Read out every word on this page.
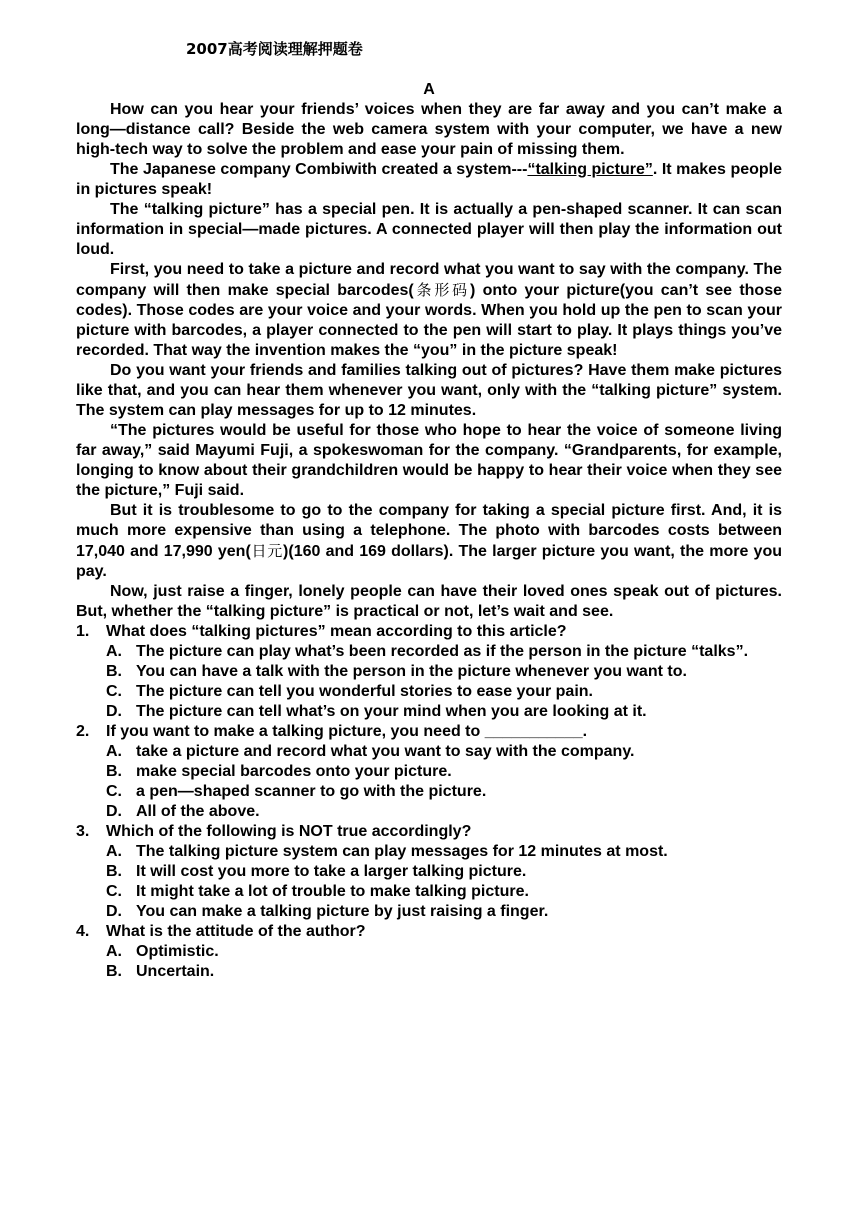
2007高考阅读理解押题卷
A

How can you hear your friends’ voices when they are far away and you can’t make a long—distance call? Beside the web camera system with your computer, we have a new high-tech way to solve the problem and ease your pain of missing them.

The Japanese company Combiwith created a system---“talking picture”. It makes people in pictures speak!

The “talking picture” has a special pen. It is actually a pen-shaped scanner. It can scan information in special—made pictures. A connected player will then play the information out loud.

First, you need to take a picture and record what you want to say with the company. The company will then make special barcodes(条形码) onto your picture(you can’t see those codes). Those codes are your voice and your words. When you hold up the pen to scan your picture with barcodes, a player connected to the pen will start to play. It plays things you’ve recorded. That way the invention makes the “you” in the picture speak!

Do you want your friends and families talking out of pictures? Have them make pictures like that, and you can hear them whenever you want, only with the “talking picture” system. The system can play messages for up to 12 minutes.

“The pictures would be useful for those who hope to hear the voice of someone living far away,” said Mayumi Fuji, a spokeswoman for the company. “Grandparents, for example, longing to know about their grandchildren would be happy to hear their voice when they see the picture,” Fuji said.

But it is troublesome to go to the company for taking a special picture first. And, it is much more expensive than using a telephone. The photo with barcodes costs between 17,040 and 17,990 yen(日元)(160 and 169 dollars). The larger picture you want, the more you pay.

Now, just raise a finger, lonely people can have their loved ones speak out of pictures. But, whether the “talking picture” is practical or not, let’s wait and see.

1. What does “talking pictures” mean according to this article?

A. The picture can play what’s been recorded as if the person in the picture “talks”.

B. You can have a talk with the person in the picture whenever you want to.

C. The picture can tell you wonderful stories to ease your pain.

D. The picture can tell what’s on your mind when you are looking at it.

2. If you want to make a talking picture, you need to ___________.

A. take a picture and record what you want to say with the company.

B. make special barcodes onto your picture.

C. a pen—shaped scanner to go with the picture.

D. All of the above.

3. Which of the following is NOT true accordingly?

A. The talking picture system can play messages for 12 minutes at most.

B. It will cost you more to take a larger talking picture.

C. It might take a lot of trouble to make talking picture.

D. You can make a talking picture by just raising a finger.

4. What is the attitude of the author?

A. Optimistic.

B. Uncertain.
